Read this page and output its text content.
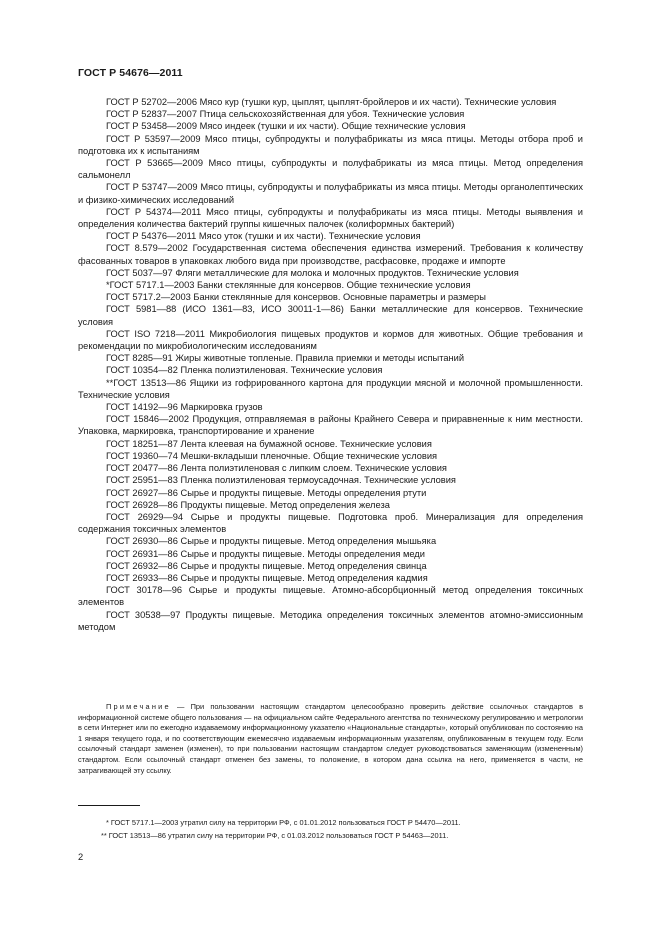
ГОСТ Р 54676—2011

ГОСТ Р 52702—2006 Мясо кур (тушки кур, цыплят, цыплят-бройлеров и их части). Технические условия

ГОСТ Р 52837—2007 Птица сельскохозяйственная для убоя. Технические условия

ГОСТ Р 53458—2009 Мясо индеек (тушки и их части). Общие технические условия

ГОСТ Р 53597—2009 Мясо птицы, субпродукты и полуфабрикаты из мяса птицы. Методы отбора проб и подготовка их к испытаниям

ГОСТ Р 53665—2009 Мясо птицы, субпродукты и полуфабрикаты из мяса птицы. Метод определения сальмонелл

ГОСТ Р 53747—2009 Мясо птицы, субпродукты и полуфабрикаты из мяса птицы. Методы органолептических и физико-химических исследований

ГОСТ Р 54374—2011 Мясо птицы, субпродукты и полуфабрикаты из мяса птицы. Методы выявления и определения количества бактерий группы кишечных палочек (колиформных бактерий)

ГОСТ Р 54376—2011 Мясо уток (тушки и их части). Технические условия

ГОСТ 8.579—2002 Государственная система обеспечения единства измерений. Требования к количеству фасованных товаров в упаковках любого вида при производстве, расфасовке, продаже и импорте

ГОСТ 5037—97 Фляги металлические для молока и молочных продуктов. Технические условия

*ГОСТ 5717.1—2003 Банки стеклянные для консервов. Общие технические условия

ГОСТ 5717.2—2003 Банки стеклянные для консервов. Основные параметры и размеры

ГОСТ 5981—88 (ИСО 1361—83, ИСО 30011-1—86) Банки металлические для консервов. Технические условия

ГОСТ ISO 7218—2011 Микробиология пищевых продуктов и кормов для животных. Общие требования и рекомендации по микробиологическим исследованиям

ГОСТ 8285—91 Жиры животные топленые. Правила приемки и методы испытаний

ГОСТ 10354—82 Пленка полиэтиленовая. Технические условия

**ГОСТ 13513—86 Ящики из гофрированного картона для продукции мясной и молочной промышленности. Технические условия

ГОСТ 14192—96 Маркировка грузов

ГОСТ 15846—2002 Продукция, отправляемая в районы Крайнего Севера и приравненные к ним местности. Упаковка, маркировка, транспортирование и хранение

ГОСТ 18251—87 Лента клеевая на бумажной основе. Технические условия

ГОСТ 19360—74 Мешки-вкладыши пленочные. Общие технические условия

ГОСТ 20477—86 Лента полиэтиленовая с липким слоем. Технические условия

ГОСТ 25951—83 Пленка полиэтиленовая термоусадочная. Технические условия

ГОСТ 26927—86 Сырье и продукты пищевые. Методы определения ртути

ГОСТ 26928—86 Продукты пищевые. Метод определения железа

ГОСТ 26929—94 Сырье и продукты пищевые. Подготовка проб. Минерализация для определения содержания токсичных элементов

ГОСТ 26930—86 Сырье и продукты пищевые. Метод определения мышьяка

ГОСТ 26931—86 Сырье и продукты пищевые. Методы определения меди

ГОСТ 26932—86 Сырье и продукты пищевые. Метод определения свинца

ГОСТ 26933—86 Сырье и продукты пищевые. Метод определения кадмия

ГОСТ 30178—96 Сырье и продукты пищевые. Атомно-абсорбционный метод определения токсичных элементов

ГОСТ 30538—97 Продукты пищевые. Методика определения токсичных элементов атомно-эмиссионным методом

Примечание — При пользовании настоящим стандартом целесообразно проверить действие ссылочных стандартов в информационной системе общего пользования — на официальном сайте Федерального агентства по техническому регулированию и метрологии в сети Интернет или по ежегодно издаваемому информационному указателю «Национальные стандарты», который опубликован по состоянию на 1 января текущего года, и по соответствующим ежемесячно издаваемым информационным указателям, опубликованным в текущем году. Если ссылочный стандарт заменен (изменен), то при пользовании настоящим стандартом следует руководствоваться заменяющим (измененным) стандартом. Если ссылочный стандарт отменен без замены, то положение, в котором дана ссылка на него, применяется в части, не затрагивающей эту ссылку.

* ГОСТ 5717.1—2003 утратил силу на территории РФ, с 01.01.2012 пользоваться ГОСТ Р 54470—2011.

** ГОСТ 13513—86 утратил силу на территории РФ, с 01.03.2012 пользоваться ГОСТ Р 54463—2011.

2
